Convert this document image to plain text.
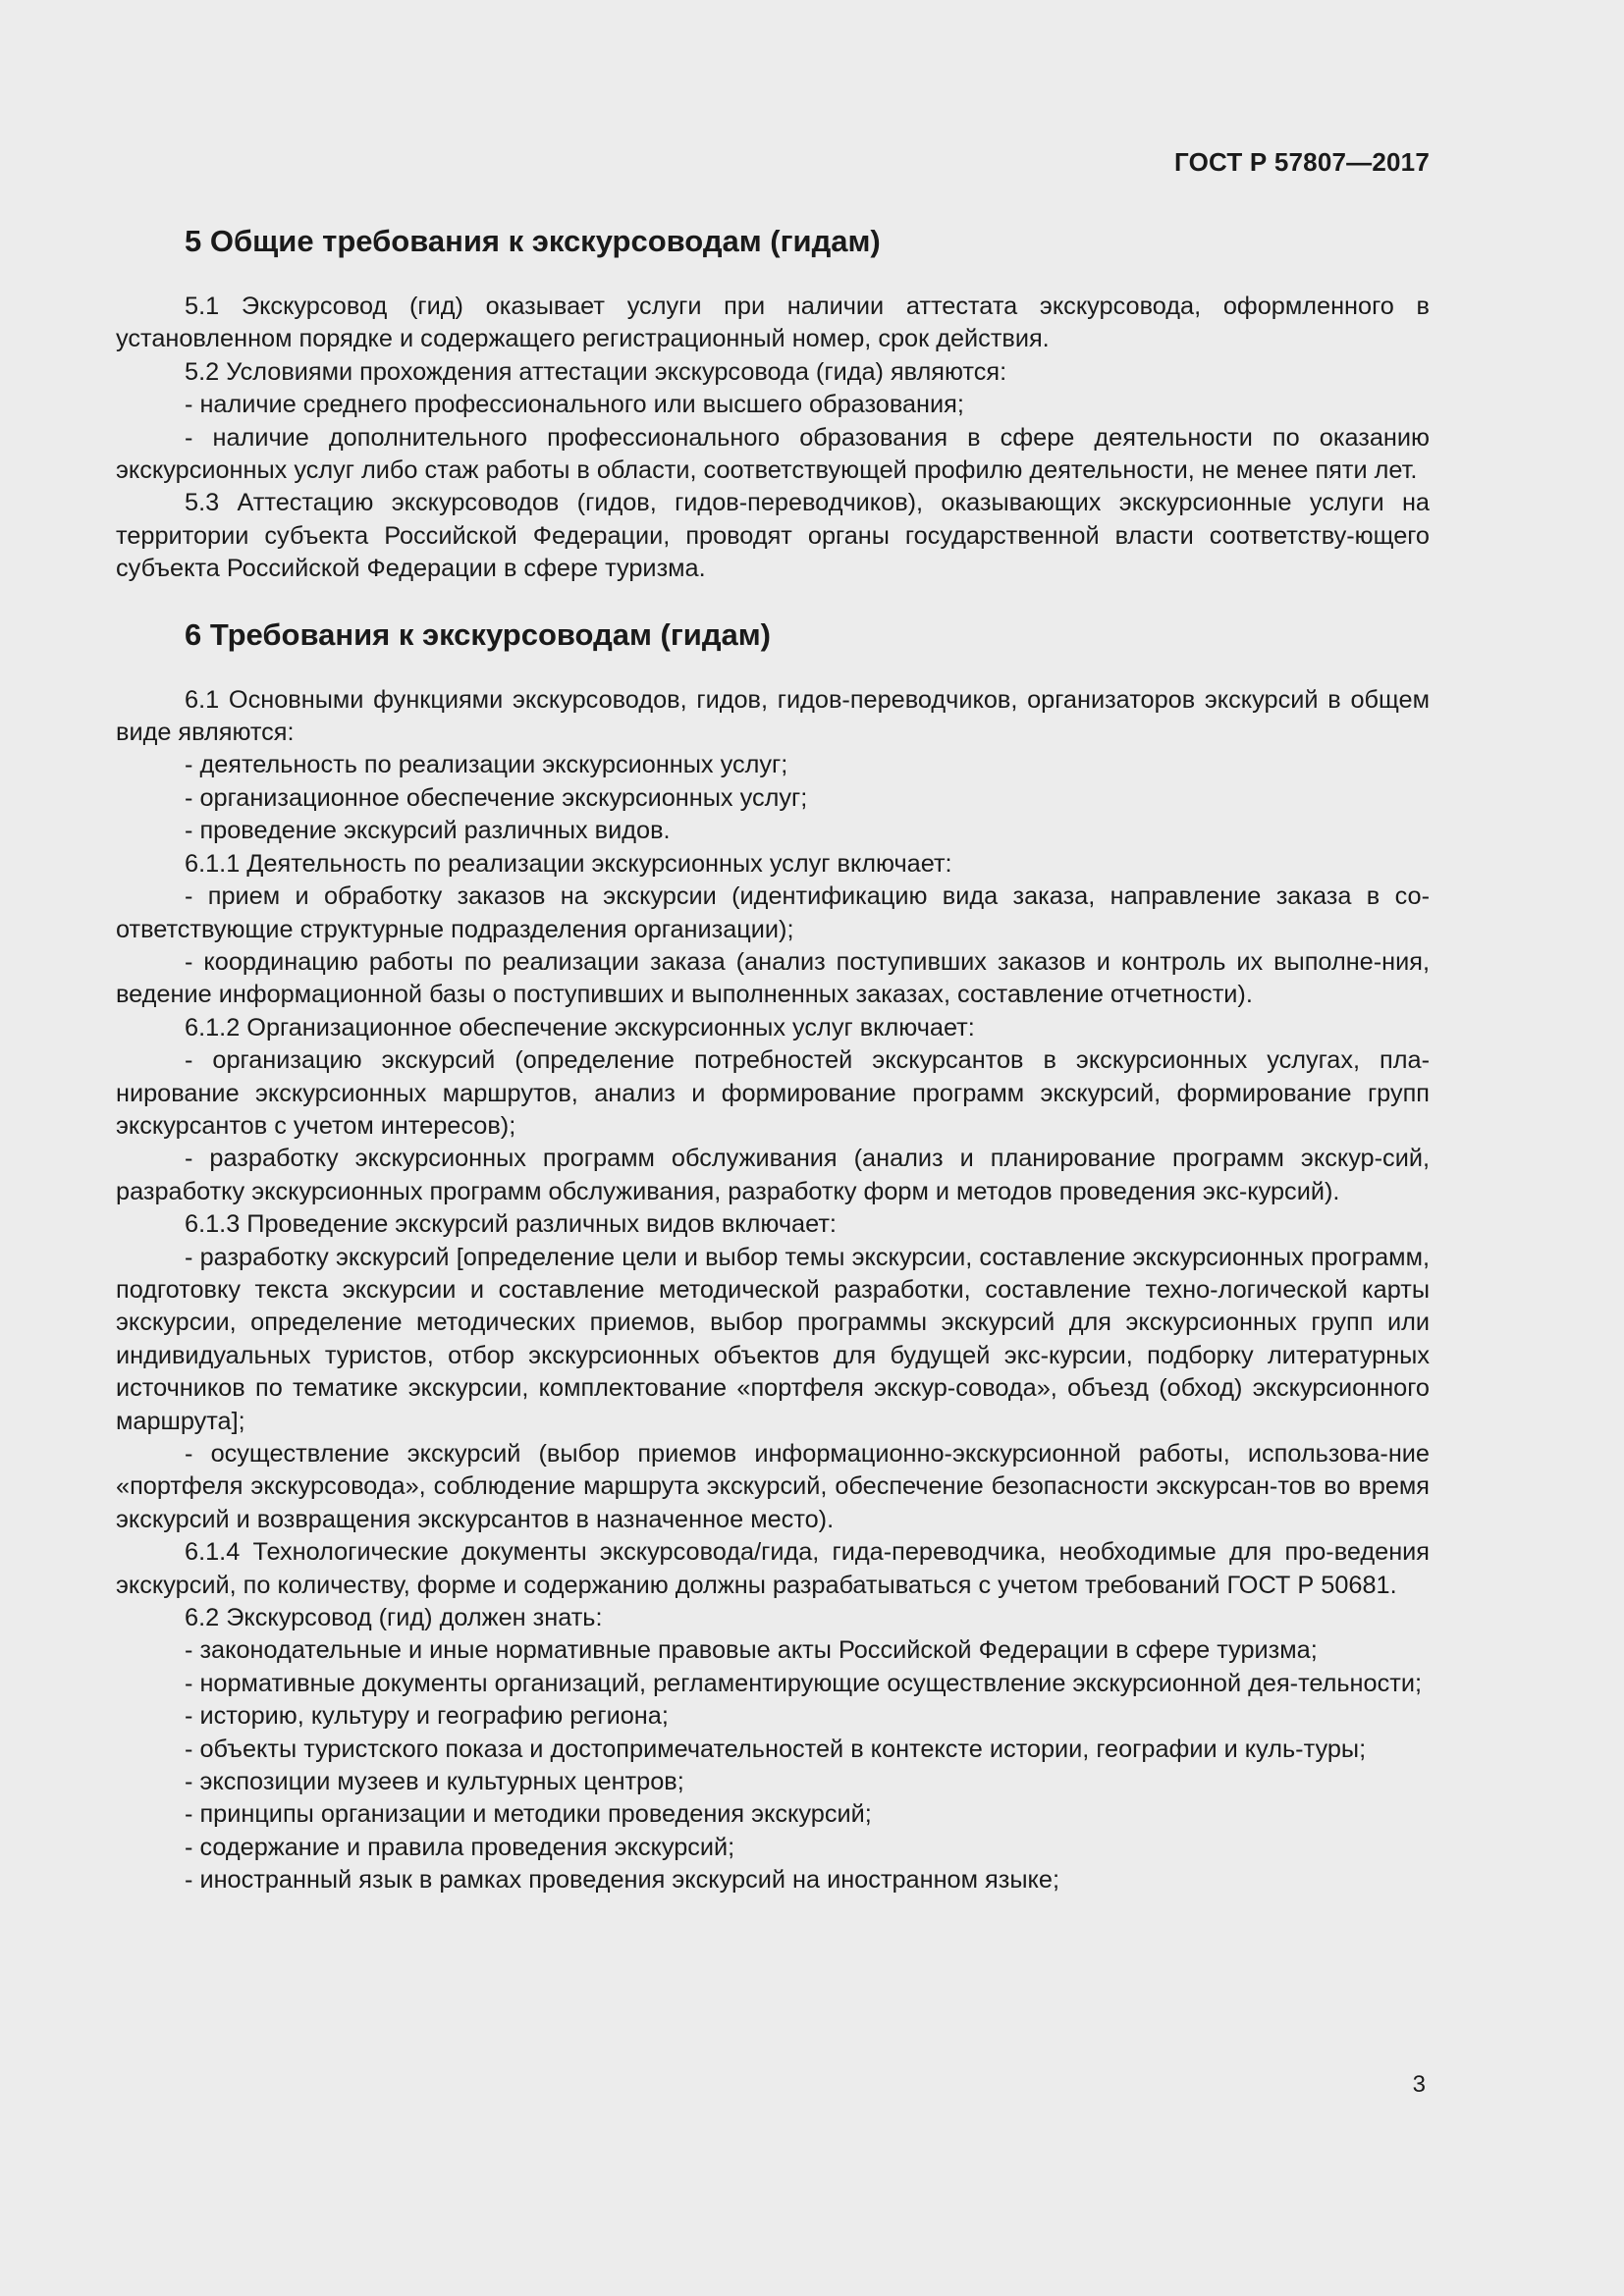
ГОСТ Р 57807—2017
5 Общие требования к экскурсоводам (гидам)

5.1 Экскурсовод (гид) оказывает услуги при наличии аттестата экскурсовода, оформленного в установленном порядке и содержащего регистрационный номер, срок действия.

5.2 Условиями прохождения аттестации экскурсовода (гида) являются:

- наличие среднего профессионального или высшего образования;

- наличие дополнительного профессионального образования в сфере деятельности по оказанию экскурсионных услуг либо стаж работы в области, соответствующей профилю деятельности, не менее пяти лет.

5.3 Аттестацию экскурсоводов (гидов, гидов-переводчиков), оказывающих экскурсионные услуги на территории субъекта Российской Федерации, проводят органы государственной власти соответству-ющего субъекта Российской Федерации в сфере туризма.

6 Требования к экскурсоводам (гидам)

6.1 Основными функциями экскурсоводов, гидов, гидов-переводчиков, организаторов экскурсий в общем виде являются:

- деятельность по реализации экскурсионных услуг;

- организационное обеспечение экскурсионных услуг;

- проведение экскурсий различных видов.

6.1.1 Деятельность по реализации экскурсионных услуг включает:

- прием и обработку заказов на экскурсии (идентификацию вида заказа, направление заказа в со-ответствующие структурные подразделения организации);

- координацию работы по реализации заказа (анализ поступивших заказов и контроль их выполне-ния, ведение информационной базы о поступивших и выполненных заказах, составление отчетности).

6.1.2 Организационное обеспечение экскурсионных услуг включает:

- организацию экскурсий (определение потребностей экскурсантов в экскурсионных услугах, пла-нирование экскурсионных маршрутов, анализ и формирование программ экскурсий, формирование групп экскурсантов с учетом интересов);

- разработку экскурсионных программ обслуживания (анализ и планирование программ экскур-сий, разработку экскурсионных программ обслуживания, разработку форм и методов проведения экс-курсий).

6.1.3 Проведение экскурсий различных видов включает:

- разработку экскурсий [определение цели и выбор темы экскурсии, составление экскурсионных программ, подготовку текста экскурсии и составление методической разработки, составление техно-логической карты экскурсии, определение методических приемов, выбор программы экскурсий для экскурсионных групп или индивидуальных туристов, отбор экскурсионных объектов для будущей экс-курсии, подборку литературных источников по тематике экскурсии, комплектование «портфеля экскур-совода», объезд (обход) экскурсионного маршрута];

- осуществление экскурсий (выбор приемов информационно-экскурсионной работы, использова-ние «портфеля экскурсовода», соблюдение маршрута экскурсий, обеспечение безопасности экскурсан-тов во время экскурсий и возвращения экскурсантов в назначенное место).

6.1.4 Технологические документы экскурсовода/гида, гида-переводчика, необходимые для про-ведения экскурсий, по количеству, форме и содержанию должны разрабатываться с учетом требований ГОСТ Р 50681.

6.2 Экскурсовод (гид) должен знать:

- законодательные и иные нормативные правовые акты Российской Федерации в сфере туризма;

- нормативные документы организаций, регламентирующие осуществление экскурсионной дея-тельности;

- историю, культуру и географию региона;

- объекты туристского показа и достопримечательностей в контексте истории, географии и куль-туры;

- экспозиции музеев и культурных центров;

- принципы организации и методики проведения экскурсий;

- содержание и правила проведения экскурсий;

- иностранный язык в рамках проведения экскурсий на иностранном языке;

3
